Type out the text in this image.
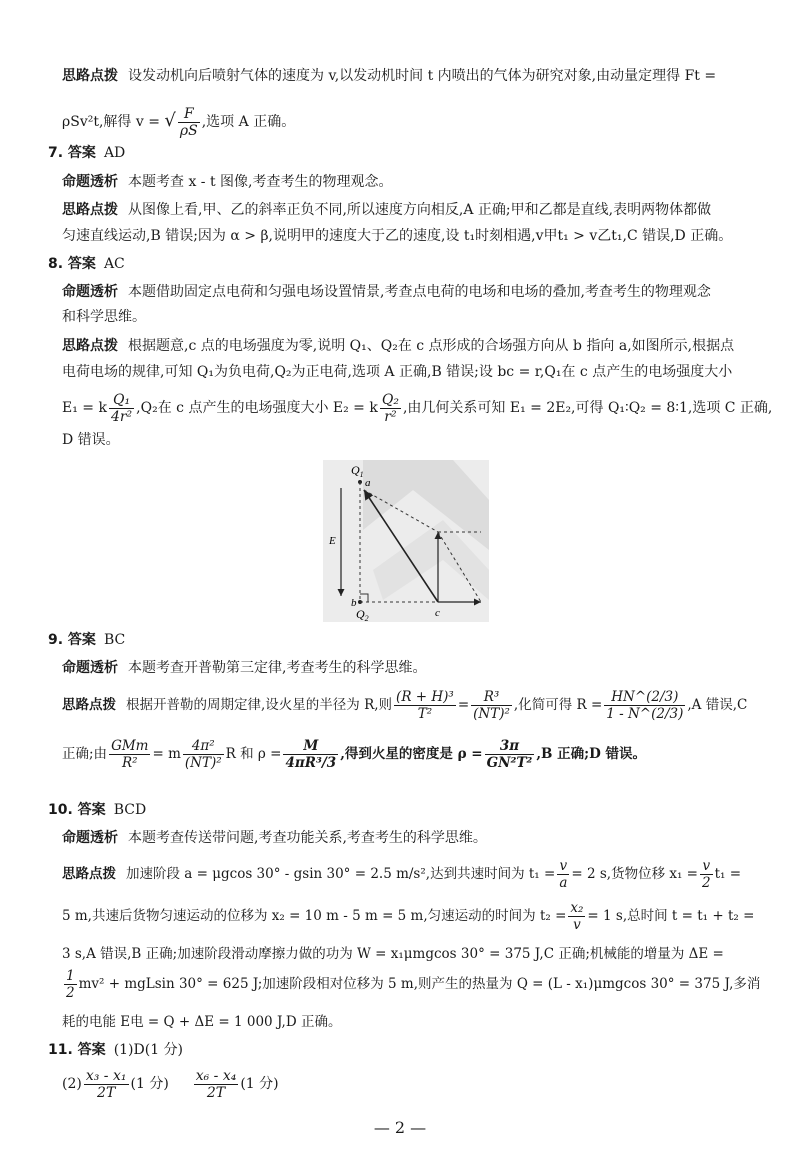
思路点拨 设发动机向后喷射气体的速度为 v,以发动机时间 t 内喷出的气体为研究对象,由动量定理得 Ft =
ρSv²t,解得 v = √ $\frac{F}{\rho S}$ ,选项 A 正确。
7. 答案 AD
命题透析 本题考查 x - t 图像,考查考生的物理观念。
思路点拨 从图像上看,甲、乙的斜率正负不同,所以速度方向相反,A 正确;甲和乙都是直线,表明两物体都做
匀速直线运动,B 错误;因为 α > β,说明甲的速度大于乙的速度,设 t₁时刻相遇,v甲t₁ > v乙t₁,C 错误,D 正确。
8. 答案 AC
命题透析 本题借助固定点电荷和匀强电场设置情景,考查点电荷的电场和电场的叠加,考查考生的物理观念
和科学思维。
思路点拨 根据题意,c 点的电场强度为零,说明 Q₁、Q₂在 c 点形成的合场强方向从 b 指向 a,如图所示,根据点
电荷电场的规律,可知 Q₁为负电荷,Q₂为正电荷,选项 A 正确,B 错误;设 bc = r,Q₁在 c 点产生的电场强度大小
E₁ = k $\frac{\text{Q₁}}{\text{4r²}} ,Q_2$在 c 点产生的电场强度大小 E₂ = k $\frac{\text{Q₂}}{\text{r²}}$ ,由几何关系可知 E₁ = 2E₂,可得 Q₁∶Q₂ = 8∶1,选项 C 正确,
D 错误。
$Q_1$
a
E
b
$Q_2$	c
9. 答案 BC
命题透析 本题考查开普勒第三定律,考查考生的科学思维。
思路点拨 根据开普勒的周期定律,设火星的半径为 R,则 $\frac{\text{(R + H)³}}{\text{T²}} = \frac{\text{R³}}{\text{(NT)²}}$ ,化简可得 $R = \frac{HN\^{}(2/3)}{1 - N\^{}(2/3)} ,A$ 错误,C
正确;由 $\frac{\text{GMm}}{\text{R²}} = m \frac{\text{4π²}}{\text{(NT)²}}$ R 和 $\rho = \frac{M}{\text{4πR³/3}}$ ,得到火星的密度是 $\rho = \frac{3\pi}{\text{GN²T²}} ,B$ 正确;D 错误。
10. 答案 BCD
命题透析 本题考查传送带问题,考查功能关系,考查考生的科学思维。
思路点拨 加速阶段 a = μgcos 30° - gsin 30° = 2.5 m/s²,达到共速时间为 $t_1 = \frac{v}{a} = 2$ s,货物位移 $x_1 = \frac{v}{2} t_1$ =
5 m,共速后货物匀速运动的位移为 x₂ = 10 m - 5 m = 5 m,匀速运动的时间为 $t_2 = \frac{\text{x₂}}{v} = 1$ s,总时间 t = t₁ + t₂ =
3 s,A 错误,B 正确;加速阶段滑动摩擦力做的功为 W = x₁μmgcos 30° = 375 J,C 正确;机械能的增量为 ΔE =
$\frac{1}{2} mv^2 + mgLsin$ 30° = 625 J;加速阶段相对位移为 5 m,则产生的热量为 Q = (L - x₁)μmgcos 30° = 375 J,多消
耗的电能 E电 = Q + ΔE = 1 000 J,D 正确。
11. 答案 (1)D(1 分)
$(2) \frac{\text{x₃ - x₁}}{2T} (1$ 分) $\frac{\text{x₆ - x₄}}{2T} (1$ 分)
— 2 —
